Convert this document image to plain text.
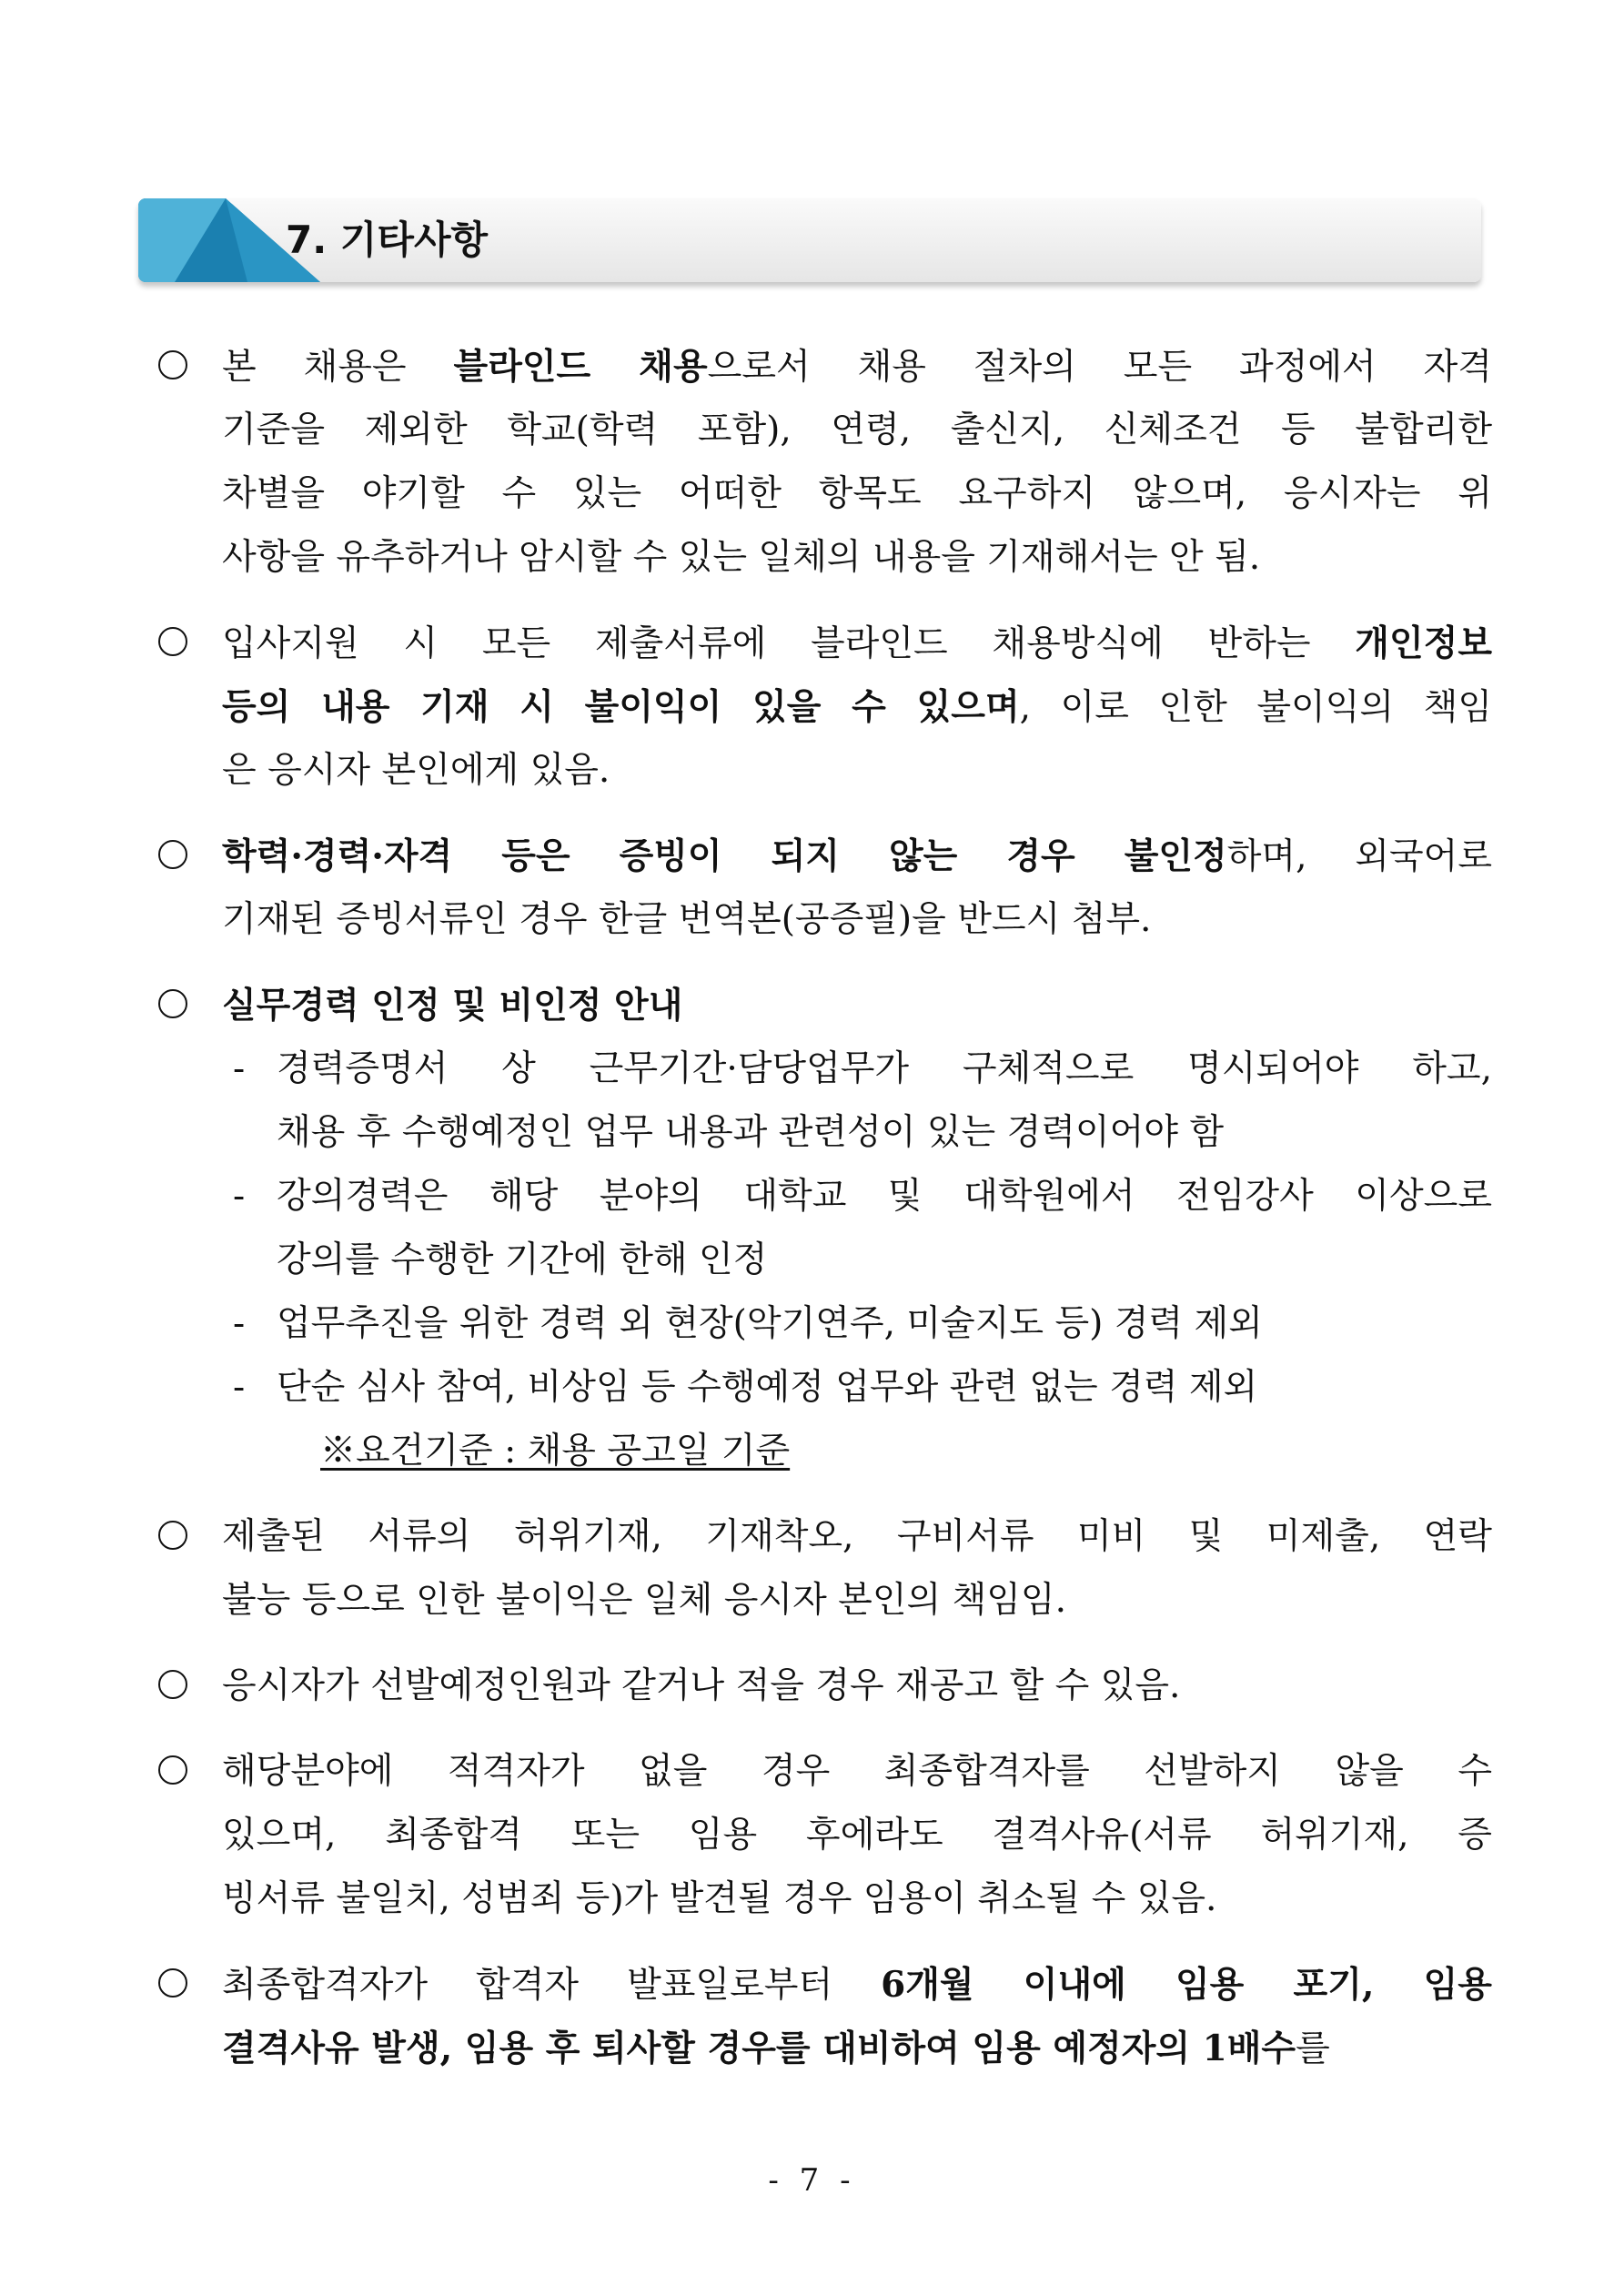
7. 기타사항
본 채용은 블라인드 채용으로서 채용 절차의 모든 과정에서 자격
기준을 제외한 학교(학력 포함), 연령, 출신지, 신체조건 등 불합리한
차별을 야기할 수 있는 어떠한 항목도 요구하지 않으며, 응시자는 위
사항을 유추하거나 암시할 수 있는 일체의 내용을 기재해서는 안 됨.
입사지원 시 모든 제출서류에 블라인드 채용방식에 반하는 개인정보
등의 내용 기재 시 불이익이 있을 수 있으며, 이로 인한 불이익의 책임
은 응시자 본인에게 있음.
학력·경력·자격 등은 증빙이 되지 않는 경우 불인정하며, 외국어로
기재된 증빙서류인 경우 한글 번역본(공증필)을 반드시 첨부.
실무경력 인정 및 비인정 안내
- 경력증명서 상 근무기간·담당업무가 구체적으로 명시되어야 하고,
채용 후 수행예정인 업무 내용과 관련성이 있는 경력이어야 함
- 강의경력은 해당 분야의 대학교 및 대학원에서 전임강사 이상으로
강의를 수행한 기간에 한해 인정
- 업무추진을 위한 경력 외 현장(악기연주, 미술지도 등) 경력 제외
- 단순 심사 참여, 비상임 등 수행예정 업무와 관련 없는 경력 제외
※요건기준 : 채용 공고일 기준
제출된 서류의 허위기재, 기재착오, 구비서류 미비 및 미제출, 연락
불능 등으로 인한 불이익은 일체 응시자 본인의 책임임.
응시자가 선발예정인원과 같거나 적을 경우 재공고 할 수 있음.
해당분야에 적격자가 없을 경우 최종합격자를 선발하지 않을 수
있으며, 최종합격 또는 임용 후에라도 결격사유(서류 허위기재, 증
빙서류 불일치, 성범죄 등)가 발견될 경우 임용이 취소될 수 있음.
최종합격자가 합격자 발표일로부터 6개월 이내에 임용 포기, 임용
결격사유 발생, 임용 후 퇴사할 경우를 대비하여 임용 예정자의 1배수를
- 7 -
